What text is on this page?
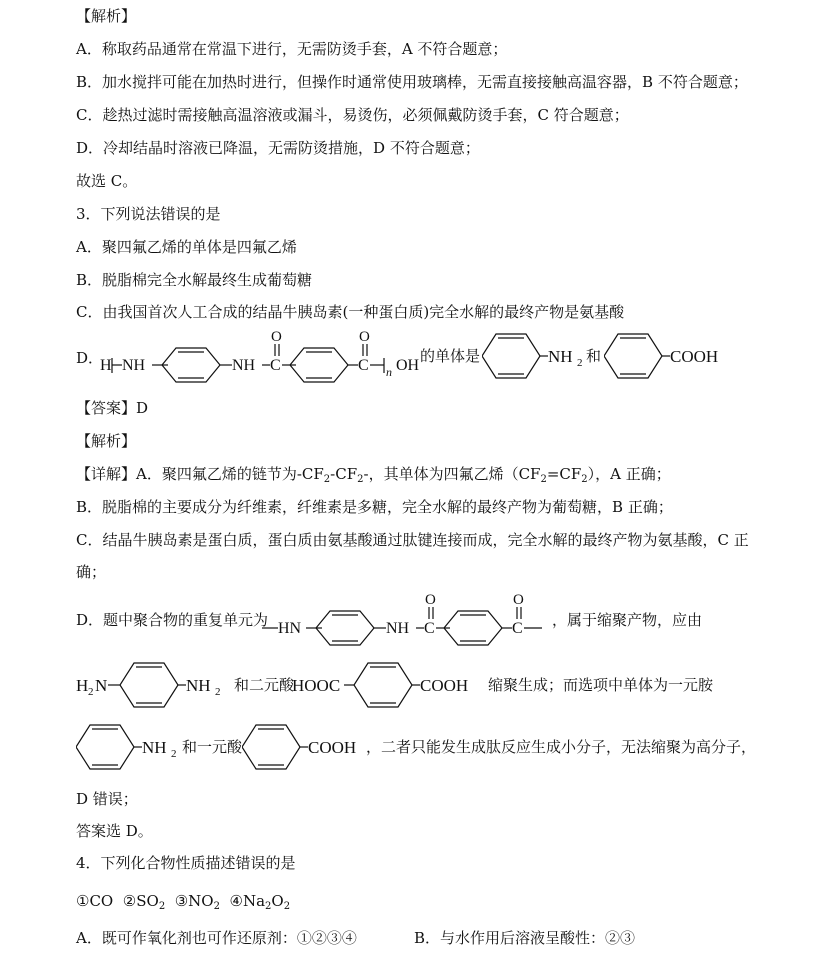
【解析】
A．称取药品通常在常温下进行，无需防烫手套，A 不符合题意；
B．加水搅拌可能在加热时进行，但操作时通常使用玻璃棒，无需直接接触高温容器，B 不符合题意；
C．趁热过滤时需接触高温溶液或漏斗，易烫伤，必须佩戴防烫手套，C 符合题意；
D．冷却结晶时溶液已降温，无需防烫措施，D 不符合题意；
故选 C。
3．下列说法错误的是
A．聚四氟乙烯的单体是四氟乙烯
B．脱脂棉完全水解最终生成葡萄糖
C．由我国首次人工合成的结晶牛胰岛素(一种蛋白质)完全水解的最终产物是氨基酸
D．
H NH	NH C
O
C
O
n OH
的单体是	NH 2 和	COOH
【答案】D
【解析】
【详解】A．聚四氟乙烯的链节为$-CF_2-CF_2-$，其单体为四氟乙烯$(CF_2=CF_2)$，A 正确；
B．脱脂棉的主要成分为纤维素，纤维素是多糖，完全水解的最终产物为葡萄糖，B 正确；
C．结晶牛胰岛素是蛋白质，蛋白质由氨基酸通过肽键连接而成，完全水解的最终产物为氨基酸，C 正
确；
D．题中聚合物的重复单元为 HN	NH C
O
C
O
，属于缩聚产物，应由
H 2 N	NH 2 和二元酸
HOOC	COOH 缩聚生成；而选项中单体为一元胺
NH 2 和一元酸	COOH ，二者只能发生成肽反应生成小分子，无法缩聚为高分子，
D 错误；
答案选 D。
4．下列化合物性质描述错误的是
①CO $②SO_2$ $③NO_2$ $④Na_2O_2$
A．既可作氧化剂也可作还原剂：①②③④	B．与水作用后溶液呈酸性：②③
